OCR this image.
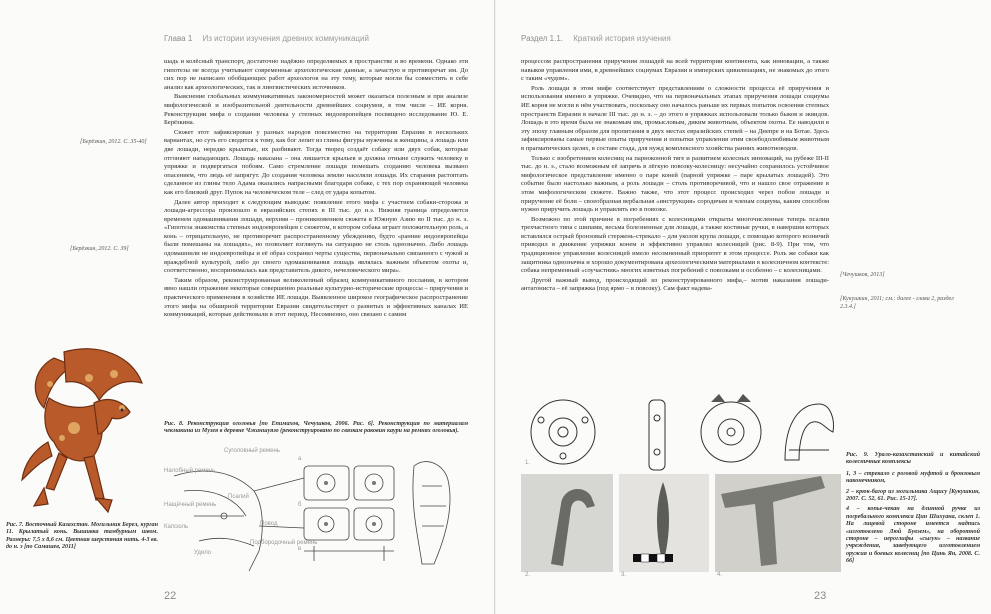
Глава 1 Из истории изучения древних коммуникаций
[Берёзкин, 2012. С. 35-40]
[Берёзкин, 2012. С. 39]

шадь и колёсный транспорт, достаточно надёжно определяемых в пространстве и во времени. Однако эти гипотезы не всегда учитывают современные археологические данные, а зачастую и противоречат им. До сих пор не написано обобщающих работ археологов на эту тему, которые могли бы совместить в себе анализ как археологических, так и лингвистических источников.

Выяснение глобальных коммуникативных закономерностей может оказаться полезным и при анализе мифологической и изобразительной деятельности древнейших социумов, в том числе – ИЕ корня. Реконструкции мифа о создании человека у степных индоевропейцев посвящено исследование Ю. Е. Берёзкина.

Сюжет этот зафиксирован у разных народов повсеместно на территории Евразии в нескольких вариантах, но суть его сводится к тому, как бог лепит из глины фигуры мужчины и женщины, а лошадь или две лошади, нередко крылатые, их разбивают. Тогда творец создаёт собаку или двух собак, которые отгоняют нападающих. Лошадь наказана – она лишается крыльев и должна отныне служить человеку в упряжке и подвергаться побоям. Само стремление лошади помешать созданию человека вызвано опасением, что людь её запрягут. До создания человека землю населяли лошади. Их старания растоптать сделанное из глины тело Адама оказались напрасными благодаря собаке, с тех пор охраняющей человека как его близкий друг. Пупок на человеческом теле – след от удара копытом.

Далее автор приходит к следующим выводам: появление этого мифа с участием собаки-сторожа и лошади-агрессора произошло в евразийских степях в III тыс. до н.э. Нижняя граница определяется временем одомашнивания лошади, верхняя – проникновением сюжета в Южную Азию во II тыс. до н. э. «Гипотеза знакомства степных индоевропейцев с сюжетом, в котором собака играет положительную роль, а конь – отрицательную, не противоречит распространенному убеждению, будто «ранние индоевропейцы были помешаны на лошадях», но позволяет взглянуть на ситуацию не столь однозначно. Либо лошадь одомашнили не индоевропейцы и её образ сохранил черты существа, первоначально связанного с чужой и враждебной культурой, либо до своего одомашнивания лошадь являлась важным объектом охоты и, соответственно, воспринималась как представитель дикого, нечеловеческого мира».

Таким образом, реконструированная великолепный образец коммуникативного послания, в котором явно нашли отражение некоторые совершенно реальные культурно-исторические процессы – приручения и практического применения в хозяйстве ИЕ лошади. Выявленное широкое географическое распространение этого мифа на обширной территории Евразии свидетельствует о развитых и эффективных каналах ИЕ коммуникаций, которые действовали в этот период. Несомненно, оно связано с самим

Рис. 7. Восточный Казахстан. Могильник Берел, курган 11. Крылатый конь. Вышивка тамбурным швом. Размеры: 7,5 х 8,6 см. Цветная шерстяная нить. 4-3 вв. до н. э [по Самашев, 2011]
Рис. 8. Реконструкция оголовья [по Епимахов, Чечушков, 2006. Рис. 6]. Реконструкция по материалам чекмакина из Музея в деревне Чжаншуязо (реконструировано по связкам раковин каури на ремнях оголовья).
Суголовный ремень
Налобный ремень
Нащёчный ремень
Псалий
Повод
Подбородочный ремень
Капсюль
Удило
а
б
в
22
Раздел 1.1. Краткий история изучения

процессом распространения приручения лошадей на всей территории континента, как инновации, а также навыков управления ими, в древнейших социумах Евразии и имперских цивилизациях, не знакомых до этого с таким «чудом».

Роль лошади в этом мифе соответствует представлениям о сложности процесса её приручения и использования именно в упряжке. Очевидно, что на первоначальных этапах приручения лошади социумы ИЕ корня не могли в нём участвовать, поскольку оно началось раньше их первых попыток освоения степных пространств Евразии в начале III тыс. до н. э. – до этого в упряжках использовали только быков и эквидов. Лошадь в это время была не знакомым им, промысловым, диким животным, объектом охоты. Ее наводили в эту эпоху главным образом для пропитания в двух местах евразийских степей – на Днепре и на Ботае. Здесь зафиксированы самые первые опыты приручения и попытки управления этим своебодолюбивым животным в прагматических целях, в составе стада, для нужд комплексного хозяйства ранних животноводов.

Только с изобретением колесниц на парноконной тяге и развитием колесных инноваций, на рубеже III-II тыс. до н. э., стало возможным её запрячь в лёгкую повозку-колесницу: несучайно сохранилось устойчивое мифологическое представление именно о паре коней (парной упряжке – паре крылатых лошадей). Это событие было настолько важным, а роль лошади – столь противоречивой, что и нашло свое отражение в этом мифологическом сюжете. Важно также, что этот процесс происходил через побои лошади и приручение её боли – своеобразная вербальная «инструкция» сородичам и членам социума, каким способом нужно приручить лошадь и управлять ею в повозке.

Возможно по этой причине в погребениях с колесницами открыты многочисленные теперь псалии трехчастного типа с шипами, весьма болезненные для лошади, а также костяные ручки, в навершия которых вставлялся острый бронзовый стержень-стрекало – для уколов крупа лошади, с помощью которого возничий приводил в движение упряжки конем и эффективно управлял колесницей (рис. 8-9). При том, что традиционное управление колесницей имело несомненный приоритет в этом процессе. Роль же собаки как защитника однозначна и хорошо документирована археологическими материалами в колесничном контексте: собака непременный «соучастник» многих изветных погребений с повозками и особенно – с колесницами.

Другой важный вывод, происходящий из реконструированного мифа,– мотив наказания лошади-антагониста – её запряжка (под ярмо – в повозку). Сам факт надева-

[Чечушков, 2013]
[Кукушкин, 2011; см.: далее - глава 2, раздел 2.3.4.]
1.
2.	3.	4.
Рис. 9. Урало-казахстанский и китайский колесничные комплексы
1, 3 – стрекало с роговой муфтой и бронзовым наконечником,
2 – крюк-багор из могильника Ащису [Кукушкин, 2007. С. 52, 61. Рис. 15-17].
4 – копье-чекан на длинной ручке из погребального комплекса Цин Шихуана, склеп 1. На лицевой стороне имеется надпись «изготовлено Люй Бувэем», на оборотной стороне – иероглифы «сыгун» – название учреждения, заведующего изготовлением оружия и боевых колесниц [по Цинь Ян, 2008. С. 66]
23
